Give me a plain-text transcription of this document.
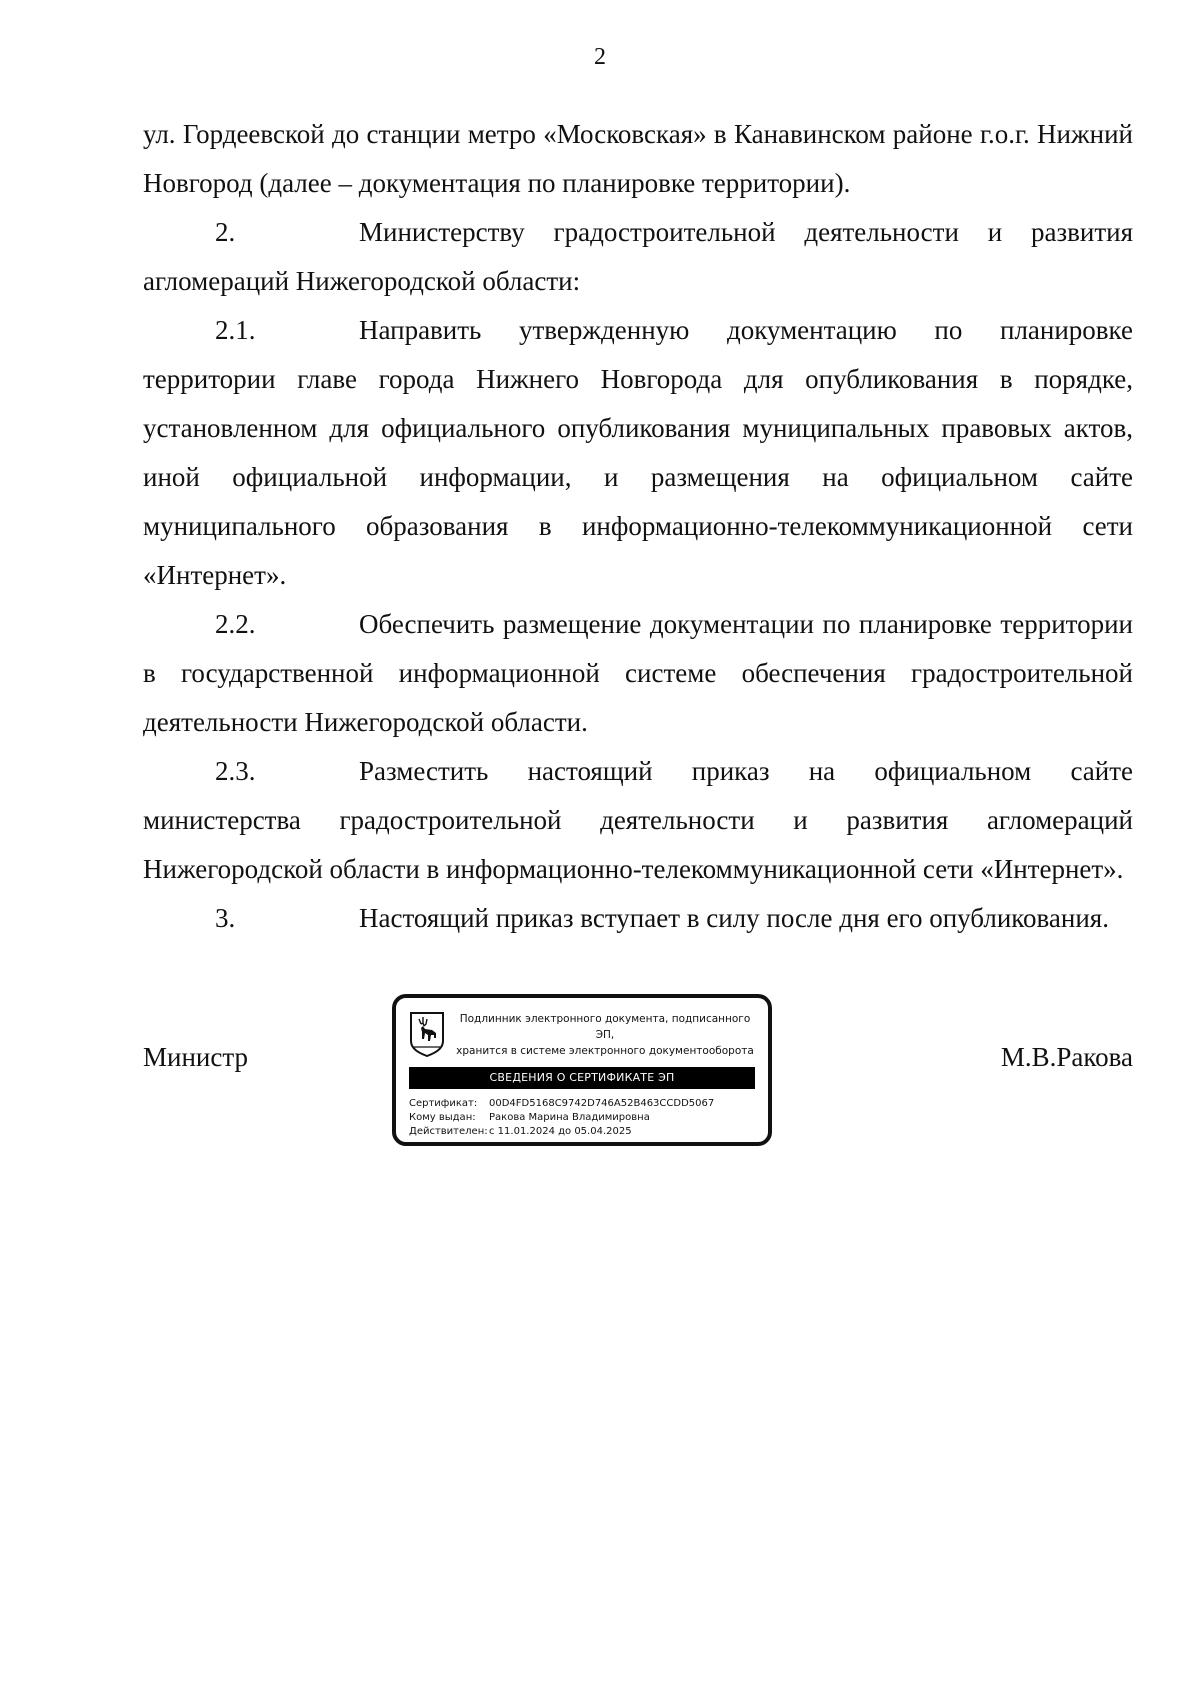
2

ул. Гордеевской до станции метро «Московская» в Канавинском районе г.о.г. Нижний Новгород (далее – документация по планировке территории).

2.	Министерству градостроительной деятельности и развития агломераций Нижегородской области:

2.1.	Направить утвержденную документацию по планировке территории главе города Нижнего Новгорода для опубликования в порядке, установленном для официального опубликования муниципальных правовых актов, иной официальной информации, и размещения на официальном сайте муниципального образования в информационно-телекоммуникационной сети «Интернет».

2.2.	Обеспечить размещение документации по планировке территории в государственной информационной системе обеспечения градостроительной деятельности Нижегородской области.

2.3.	Разместить настоящий приказ на официальном сайте министерства градостроительной деятельности и развития агломераций Нижегородской области в информационно-телекоммуникационной сети «Интернет».

3.	Настоящий приказ вступает в силу после дня его опубликования.

Министр	М.В.Ракова
Подлинник электронного документа, подписанного ЭП,
хранится в системе электронного документооборота
СВЕДЕНИЯ О СЕРТИФИКАТЕ ЭП
Сертификат: 00D4FD5168C9742D746A52B463CCDD5067
Кому выдан: Ракова Марина Владимировна
Действителен:с 11.01.2024 до 05.04.2025
